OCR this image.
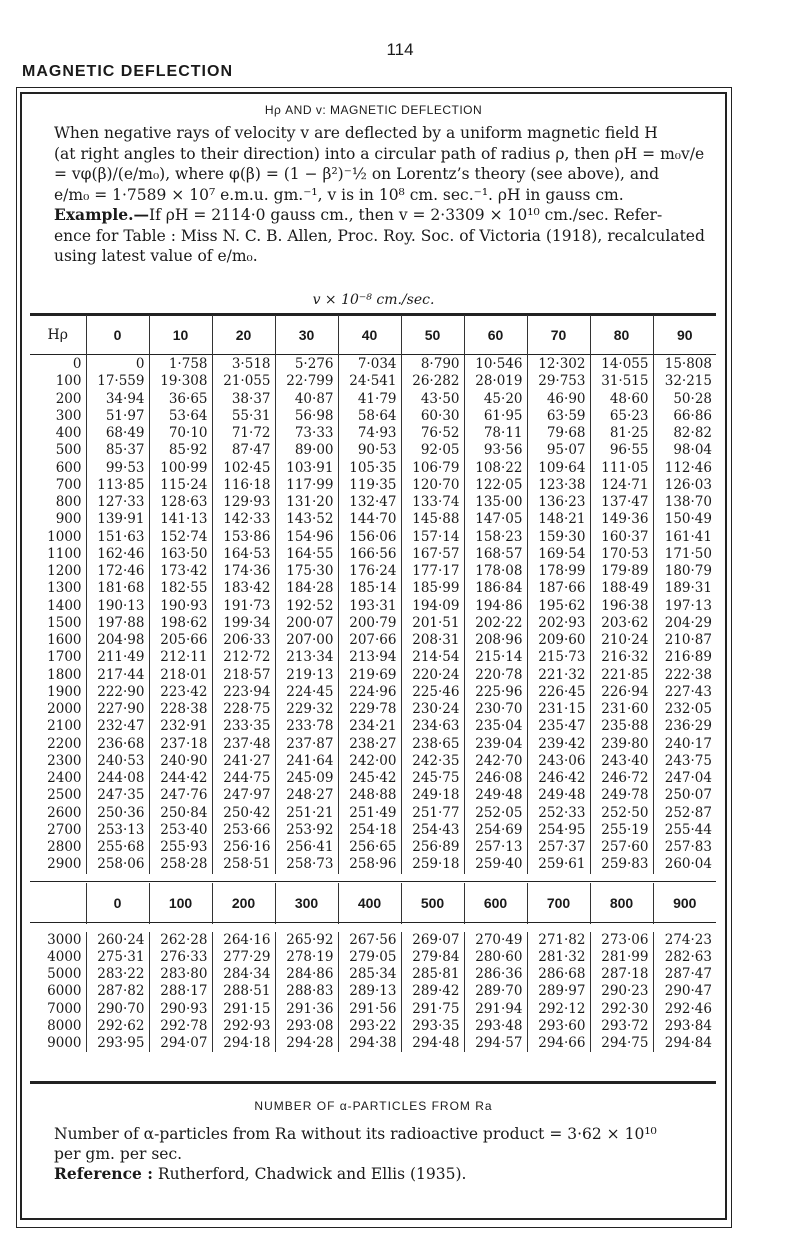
114
MAGNETIC DEFLECTION
Hρ AND v: MAGNETIC DEFLECTION

When negative rays of velocity v are deflected by a uniform magnetic field H

(at right angles to their direction) into a circular path of radius ρ, then ρH = m₀v/e

= vφ(β)/(e/m₀), where φ(β) = (1 − β²)⁻½ on Lorentz’s theory (see above), and

e/m₀ = 1·7589 × 10⁷ e.m.u. gm.⁻¹, v is in 10⁸ cm. sec.⁻¹. ρH in gauss cm.

Example.—If ρH = 2114·0 gauss cm., then v = 2·3309 × 10¹⁰ cm./sec. Refer-

ence for Table : Miss N. C. B. Allen, Proc. Roy. Soc. of Victoria (1918), recalculated

using latest value of e/m₀.

v × 10⁻⁸ cm./sec.
Hρ	0	10	20	30	40	50	60	70	80	90
0	0	1·758	3·518	5·276	7·034	8·790	10·546	12·302	14·055	15·808
100	17·559	19·308	21·055	22·799	24·541	26·282	28·019	29·753	31·515	32·215
200	34·94	36·65	38·37	40·87	41·79	43·50	45·20	46·90	48·60	50·28
300	51·97	53·64	55·31	56·98	58·64	60·30	61·95	63·59	65·23	66·86
400	68·49	70·10	71·72	73·33	74·93	76·52	78·11	79·68	81·25	82·82
500	85·37	85·92	87·47	89·00	90·53	92·05	93·56	95·07	96·55	98·04
600	99·53	100·99	102·45	103·91	105·35	106·79	108·22	109·64	111·05	112·46
700	113·85	115·24	116·18	117·99	119·35	120·70	122·05	123·38	124·71	126·03
800	127·33	128·63	129·93	131·20	132·47	133·74	135·00	136·23	137·47	138·70
900	139·91	141·13	142·33	143·52	144·70	145·88	147·05	148·21	149·36	150·49
1000	151·63	152·74	153·86	154·96	156·06	157·14	158·23	159·30	160·37	161·41
1100	162·46	163·50	164·53	164·55	166·56	167·57	168·57	169·54	170·53	171·50
1200	172·46	173·42	174·36	175·30	176·24	177·17	178·08	178·99	179·89	180·79
1300	181·68	182·55	183·42	184·28	185·14	185·99	186·84	187·66	188·49	189·31
1400	190·13	190·93	191·73	192·52	193·31	194·09	194·86	195·62	196·38	197·13
1500	197·88	198·62	199·34	200·07	200·79	201·51	202·22	202·93	203·62	204·29
1600	204·98	205·66	206·33	207·00	207·66	208·31	208·96	209·60	210·24	210·87
1700	211·49	212·11	212·72	213·34	213·94	214·54	215·14	215·73	216·32	216·89
1800	217·44	218·01	218·57	219·13	219·69	220·24	220·78	221·32	221·85	222·38
1900	222·90	223·42	223·94	224·45	224·96	225·46	225·96	226·45	226·94	227·43
2000	227·90	228·38	228·75	229·32	229·78	230·24	230·70	231·15	231·60	232·05
2100	232·47	232·91	233·35	233·78	234·21	234·63	235·04	235·47	235·88	236·29
2200	236·68	237·18	237·48	237·87	238·27	238·65	239·04	239·42	239·80	240·17
2300	240·53	240·90	241·27	241·64	242·00	242·35	242·70	243·06	243·40	243·75
2400	244·08	244·42	244·75	245·09	245·42	245·75	246·08	246·42	246·72	247·04
2500	247·35	247·76	247·97	248·27	248·88	249·18	249·48	249·48	249·78	250·07
2600	250·36	250·84	250·42	251·21	251·49	251·77	252·05	252·33	252·50	252·87
2700	253·13	253·40	253·66	253·92	254·18	254·43	254·69	254·95	255·19	255·44
2800	255·68	255·93	256·16	256·41	256·65	256·89	257·13	257·37	257·60	257·83
2900	258·06	258·28	258·51	258·73	258·96	259·18	259·40	259·61	259·83	260·04

	0	100	200	300	400	500	600	700	800	900

3000	260·24	262·28	264·16	265·92	267·56	269·07	270·49	271·82	273·06	274·23
4000	275·31	276·33	277·29	278·19	279·05	279·84	280·60	281·32	281·99	282·63
5000	283·22	283·80	284·34	284·86	285·34	285·81	286·36	286·68	287·18	287·47
6000	287·82	288·17	288·51	288·83	289·13	289·42	289·70	289·97	290·23	290·47
7000	290·70	290·93	291·15	291·36	291·56	291·75	291·94	292·12	292·30	292·46
8000	292·62	292·78	292·93	293·08	293·22	293·35	293·48	293·60	293·72	293·84
9000	293·95	294·07	294·18	294·28	294·38	294·48	294·57	294·66	294·75	294·84
NUMBER OF α-PARTICLES FROM Ra

Number of α-particles from Ra without its radioactive product = 3·62 × 10¹⁰

per gm. per sec.

Reference : Rutherford, Chadwick and Ellis (1935).
